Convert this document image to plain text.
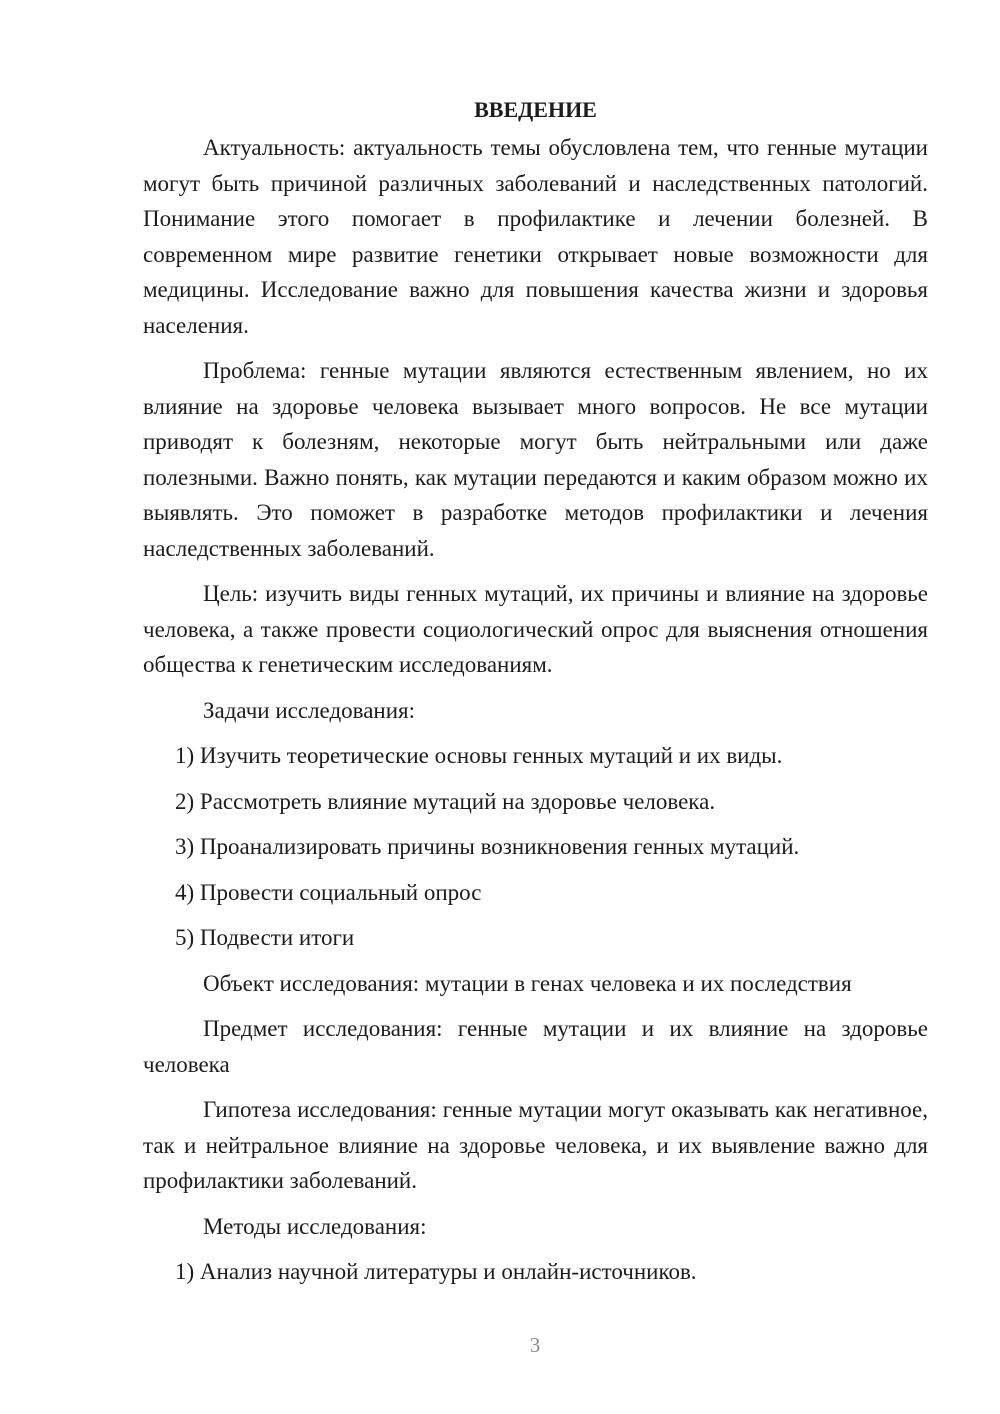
ВВЕДЕНИЕ

Актуальность: актуальность темы обусловлена тем, что генные мутации могут быть причиной различных заболеваний и наследственных патологий. Понимание этого помогает в профилактике и лечении болезней. В современном мире развитие генетики открывает новые возможности для медицины. Исследование важно для повышения качества жизни и здоровья населения.

Проблема: генные мутации являются естественным явлением, но их влияние на здоровье человека вызывает много вопросов. Не все мутации приводят к болезням, некоторые могут быть нейтральными или даже полезными. Важно понять, как мутации передаются и каким образом можно их выявлять. Это поможет в разработке методов профилактики и лечения наследственных заболеваний.

Цель: изучить виды генных мутаций, их причины и влияние на здоровье человека, а также провести социологический опрос для выяснения отношения общества к генетическим исследованиям.

Задачи исследования:

1) Изучить теоретические основы генных мутаций и их виды.

2) Рассмотреть влияние мутаций на здоровье человека.

3) Проанализировать причины возникновения генных мутаций.

4) Провести социальный опрос

5) Подвести итоги

Объект исследования: мутации в генах человека и их последствия

Предмет исследования: генные мутации и их влияние на здоровье человека

Гипотеза исследования: генные мутации могут оказывать как негативное, так и нейтральное влияние на здоровье человека, и их выявление важно для профилактики заболеваний.

Методы исследования:

1) Анализ научной литературы и онлайн-источников.

3
